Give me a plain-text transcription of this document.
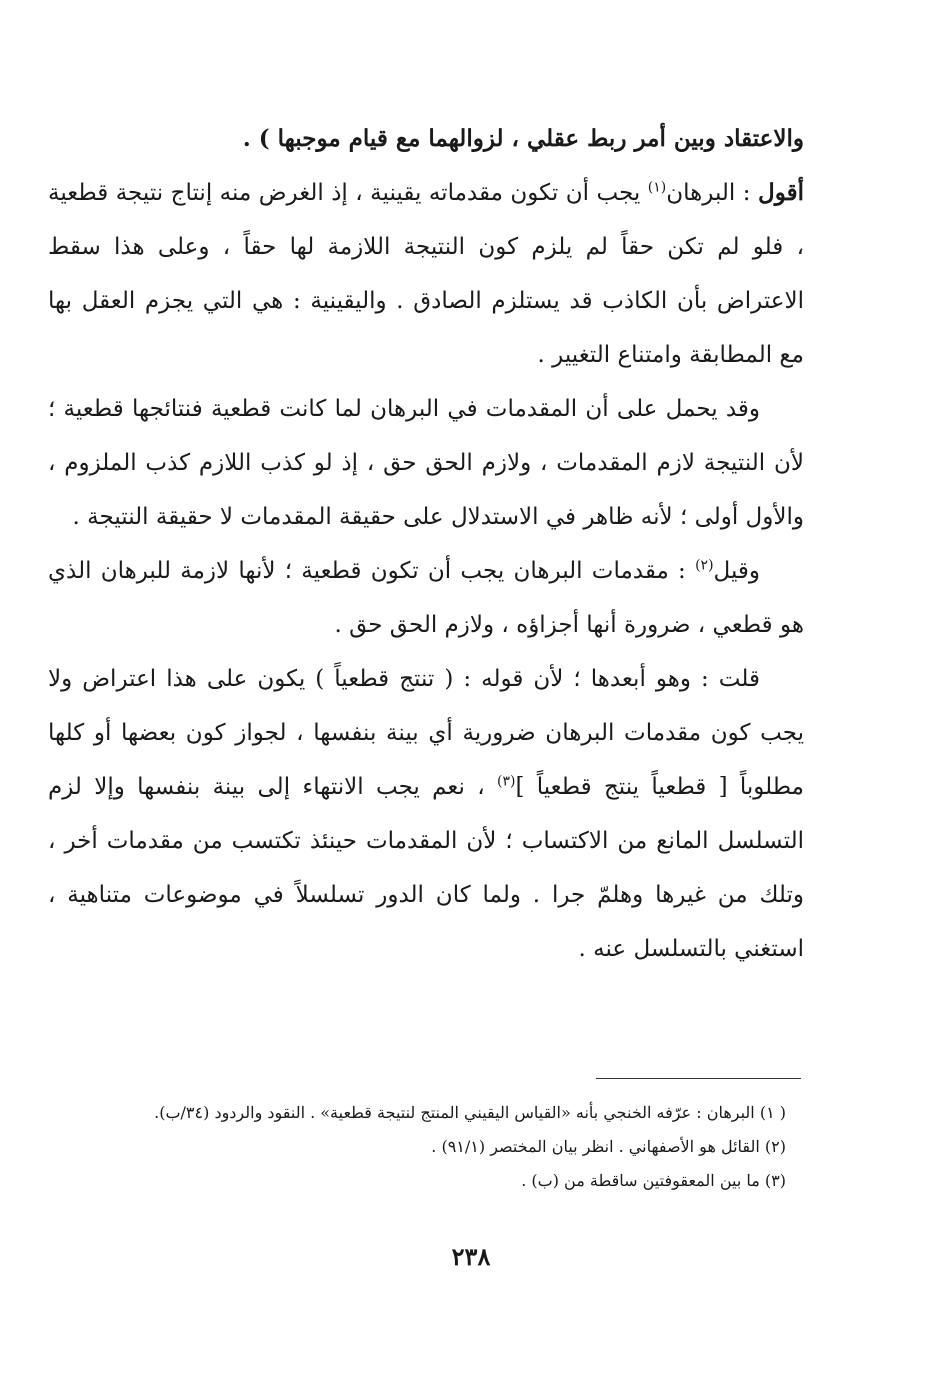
والاعتقاد وبين أمر ربط عقلي ، لزوالهما مع قيام موجبها ) .

أقول : البرهان$^{(١)}$ يجب أن تكون مقدماته يقينية ، إذ الغرض منه إنتاج نتيجة قطعية ، فلو لم تكن حقاً لم يلزم كون النتيجة اللازمة لها حقاً ، وعلى هذا سقط الاعتراض بأن الكاذب قد يستلزم الصادق . واليقينية : هي التي يجزم العقل بها مع المطابقة وامتناع التغيير .

وقد يحمل على أن المقدمات في البرهان لما كانت قطعية فنتائجها قطعية ؛ لأن النتيجة لازم المقدمات ، ولازم الحق حق ، إذ لو كذب اللازم كذب الملزوم ، والأول أولى ؛ لأنه ظاهر في الاستدلال على حقيقة المقدمات لا حقيقة النتيجة .

وقيل$^{(٢)}$ : مقدمات البرهان يجب أن تكون قطعية ؛ لأنها لازمة للبرهان الذي هو قطعي ، ضرورة أنها أجزاؤه ، ولازم الحق حق .

قلت : وهو أبعدها ؛ لأن قوله : ( تنتج قطعياً ) يكون على هذا اعتراض ولا يجب كون مقدمات البرهان ضرورية أي بينة بنفسها ، لجواز كون بعضها أو كلها مطلوباً [ قطعياً ينتج قطعياً ]$^{(٣)}$ ، نعم يجب الانتهاء إلى بينة بنفسها وإلا لزم التسلسل المانع من الاكتساب ؛ لأن المقدمات حينئذ تكتسب من مقدمات أخر ، وتلك من غيرها وهلمّ جرا . ولما كان الدور تسلسلاً في موضوعات متناهية ، استغني بالتسلسل عنه .

( ١) البرهان : عرّفه الخنجي بأنه «القياس اليقيني المنتج لنتيجة قطعية» . النقود والردود (٣٤/ب).

(٢) القائل هو الأصفهاني . انظر بيان المختصر (٩١/١) .

(٣) ما بين المعقوفتين ساقطة من (ب) .

٢٣٨
